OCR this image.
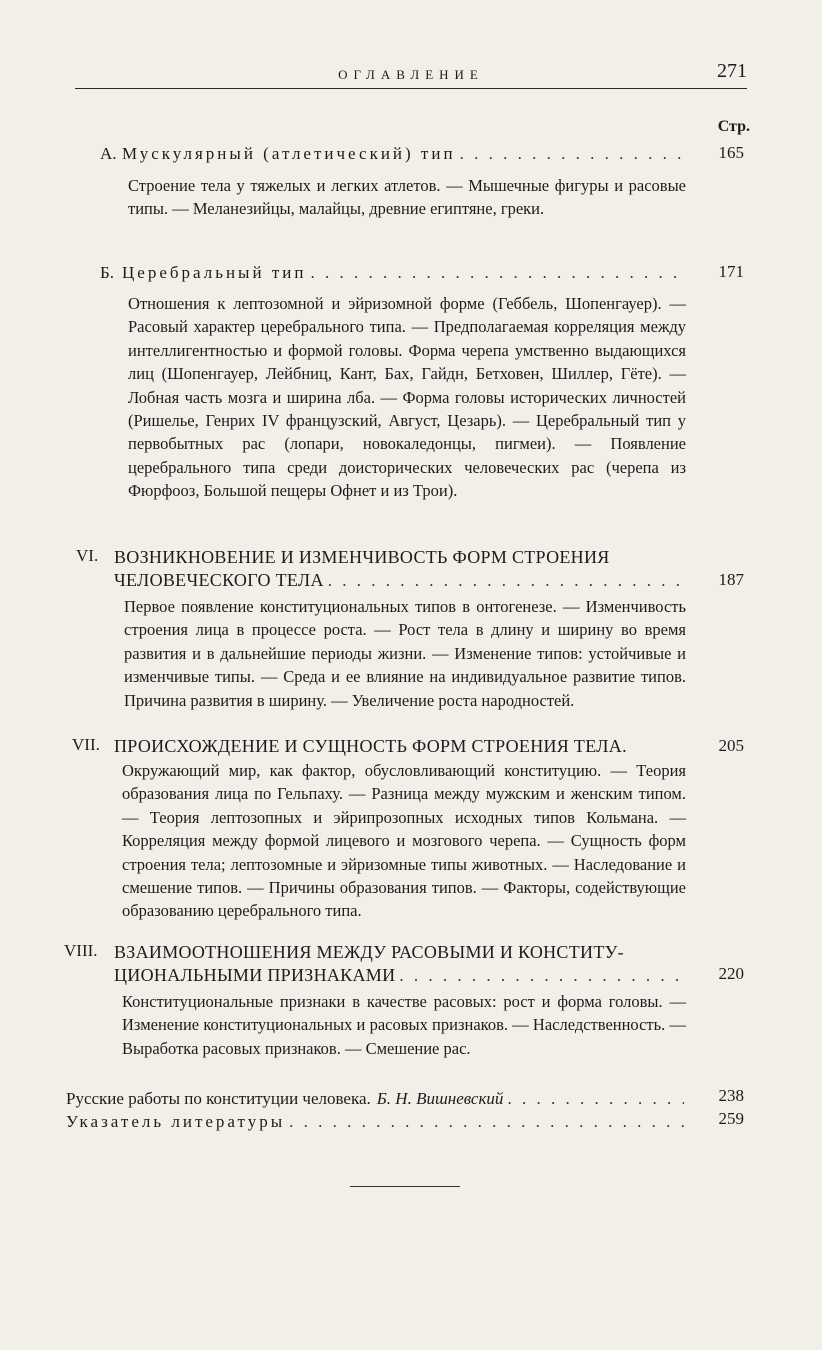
ОГЛАВЛЕНИЕ	271
Стр.
А. Мускулярный (атлетический) тип . . .	165
Строение тела у тяжелых и легких атлетов. — Мышечные фигуры и расовые типы. — Меланезийцы, малайцы, древние египтяне, греки.
Б. Церебральный тип . . .	171
Отношения к лептозомной и эйризомной форме (Геббель, Шопенгауер). — Расовый характер церебрального типа. — Предполагаемая корреляция между интеллигентностью и формой головы. Форма черепа умственно выдающихся лиц (Шопенгауер, Лейбниц, Кант, Бах, Гайдн, Бетховен, Шиллер, Гёте). — Лобная часть мозга и ширина лба. — Форма головы исторических личностей (Ришелье, Генрих IV французский, Август, Цезарь). — Церебральный тип у первобытных рас (лопари, новокаледонцы, пигмеи). — Появление церебрального типа среди доисторических человеческих рас (черепа из Фюрфооз, Большой пещеры Офнет и из Трои).
VI. ВОЗНИКНОВЕНИЕ И ИЗМЕНЧИВОСТЬ ФОРМ СТРОЕНИЯ
ЧЕЛОВЕЧЕСКОГО ТЕЛА . . .	187
Первое появление конституциональных типов в онтогенезе. — Изменчивость строения лица в процессе роста. — Рост тела в длину и ширину во время развития и в дальнейшие периоды жизни. — Изменение типов: устойчивые и изменчивые типы. — Среда и ее влияние на индивидуальное развитие типов. Причина развития в ширину. — Увеличение роста народностей.
VII. ПРОИСХОЖДЕНИЕ И СУЩНОСТЬ ФОРМ СТРОЕНИЯ ТЕЛА.	205
Окружающий мир, как фактор, обусловливающий конституцию. — Теория образования лица по Гельпаху. — Разница между мужским и женским типом. — Теория лептозопных и эйрипрозопных исходных типов Кольмана. — Корреляция между формой лицевого и мозгового черепа. — Сущность форм строения тела; лептозомные и эйризомные типы животных. — Наследование и смешение типов. — Причины образования типов. — Факторы, содействующие образованию церебрального типа.
VIII. ВЗАИМООТНОШЕНИЯ МЕЖДУ РАСОВЫМИ И КОНСТИТУ-
ЦИОНАЛЬНЫМИ ПРИЗНАКАМИ . . .	220
Конституциональные признаки в качестве расовых: рост и форма головы. — Изменение конституциональных и расовых признаков. — Наследственность. — Выработка расовых признаков. — Смешение рас.
Русские работы по конституции человека. Б. Н. Вишневский . . .	238
Указатель литературы . . .	259
